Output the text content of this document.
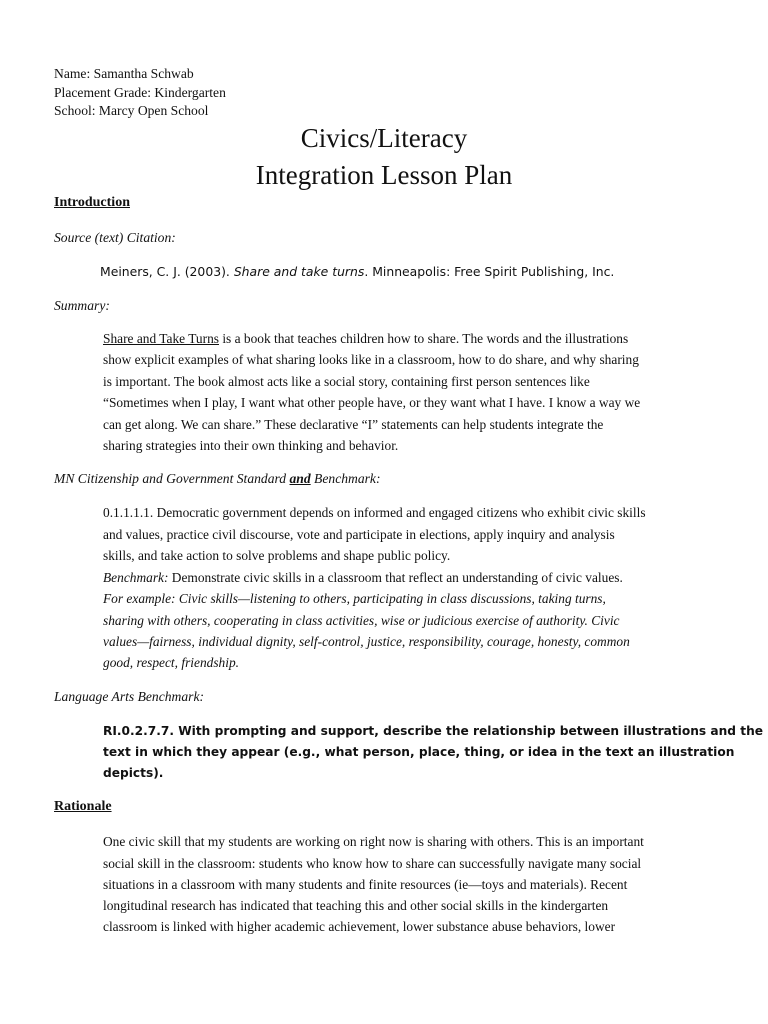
Name: Samantha Schwab
Placement Grade: Kindergarten
School: Marcy Open School
Civics/Literacy
Integration Lesson Plan
Introduction
Source (text) Citation:
Meiners, C. J. (2003). Share and take turns. Minneapolis: Free Spirit Publishing, Inc.
Summary:
Share and Take Turns is a book that teaches children how to share. The words and the illustrations
show explicit examples of what sharing looks like in a classroom, how to do share, and why sharing
is important. The book almost acts like a social story, containing first person sentences like
“Sometimes when I play, I want what other people have, or they want what I have. I know a way we
can get along. We can share.” These declarative “I” statements can help students integrate the
sharing strategies into their own thinking and behavior.
MN Citizenship and Government Standard and Benchmark:
0.1.1.1.1. Democratic government depends on informed and engaged citizens who exhibit civic skills
and values, practice civil discourse, vote and participate in elections, apply inquiry and analysis
skills, and take action to solve problems and shape public policy.
Benchmark: Demonstrate civic skills in a classroom that reflect an understanding of civic values.
For example: Civic skills—listening to others, participating in class discussions, taking turns,
sharing with others, cooperating in class activities, wise or judicious exercise of authority. Civic
values—fairness, individual dignity, self-control, justice, responsibility, courage, honesty, common
good, respect, friendship.
Language Arts Benchmark:
RI.0.2.7.7. With prompting and support, describe the relationship between illustrations and the
text in which they appear (e.g., what person, place, thing, or idea in the text an illustration
depicts).
Rationale
One civic skill that my students are working on right now is sharing with others. This is an important
social skill in the classroom: students who know how to share can successfully navigate many social
situations in a classroom with many students and finite resources (ie—toys and materials). Recent
longitudinal research has indicated that teaching this and other social skills in the kindergarten
classroom is linked with higher academic achievement, lower substance abuse behaviors, lower
